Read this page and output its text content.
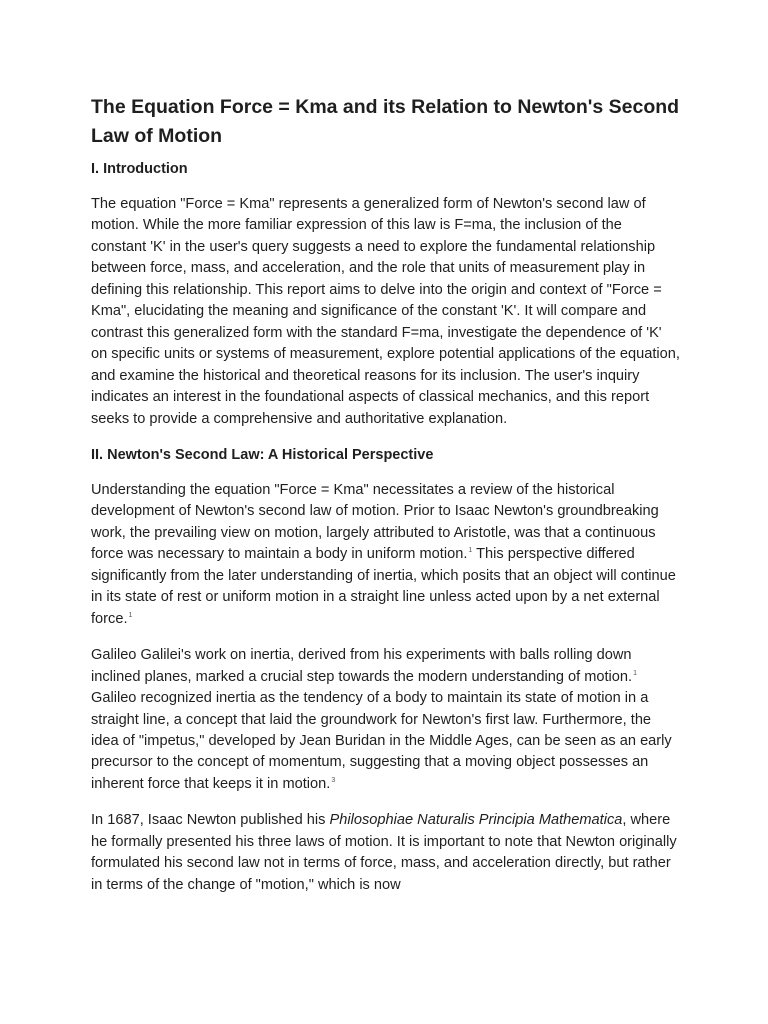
The Equation Force = Kma and its Relation to Newton's Second Law of Motion
I. Introduction

The equation "Force = Kma" represents a generalized form of Newton's second law of motion. While the more familiar expression of this law is F=ma, the inclusion of the constant 'K' in the user's query suggests a need to explore the fundamental relationship between force, mass, and acceleration, and the role that units of measurement play in defining this relationship. This report aims to delve into the origin and context of "Force = Kma", elucidating the meaning and significance of the constant 'K'. It will compare and contrast this generalized form with the standard F=ma, investigate the dependence of 'K' on specific units or systems of measurement, explore potential applications of the equation, and examine the historical and theoretical reasons for its inclusion. The user's inquiry indicates an interest in the foundational aspects of classical mechanics, and this report seeks to provide a comprehensive and authoritative explanation.

II. Newton's Second Law: A Historical Perspective

Understanding the equation "Force = Kma" necessitates a review of the historical development of Newton's second law of motion. Prior to Isaac Newton's groundbreaking work, the prevailing view on motion, largely attributed to Aristotle, was that a continuous force was necessary to maintain a body in uniform motion.$^1$ This perspective differed significantly from the later understanding of inertia, which posits that an object will continue in its state of rest or uniform motion in a straight line unless acted upon by a net external force.$^1$

Galileo Galilei's work on inertia, derived from his experiments with balls rolling down inclined planes, marked a crucial step towards the modern understanding of motion.$^1$ Galileo recognized inertia as the tendency of a body to maintain its state of motion in a straight line, a concept that laid the groundwork for Newton's first law. Furthermore, the idea of "impetus," developed by Jean Buridan in the Middle Ages, can be seen as an early precursor to the concept of momentum, suggesting that a moving object possesses an inherent force that keeps it in motion.$^3$

In 1687, Isaac Newton published his Philosophiae Naturalis Principia Mathematica, where he formally presented his three laws of motion. It is important to note that Newton originally formulated his second law not in terms of force, mass, and acceleration directly, but rather in terms of the change of "motion," which is now
